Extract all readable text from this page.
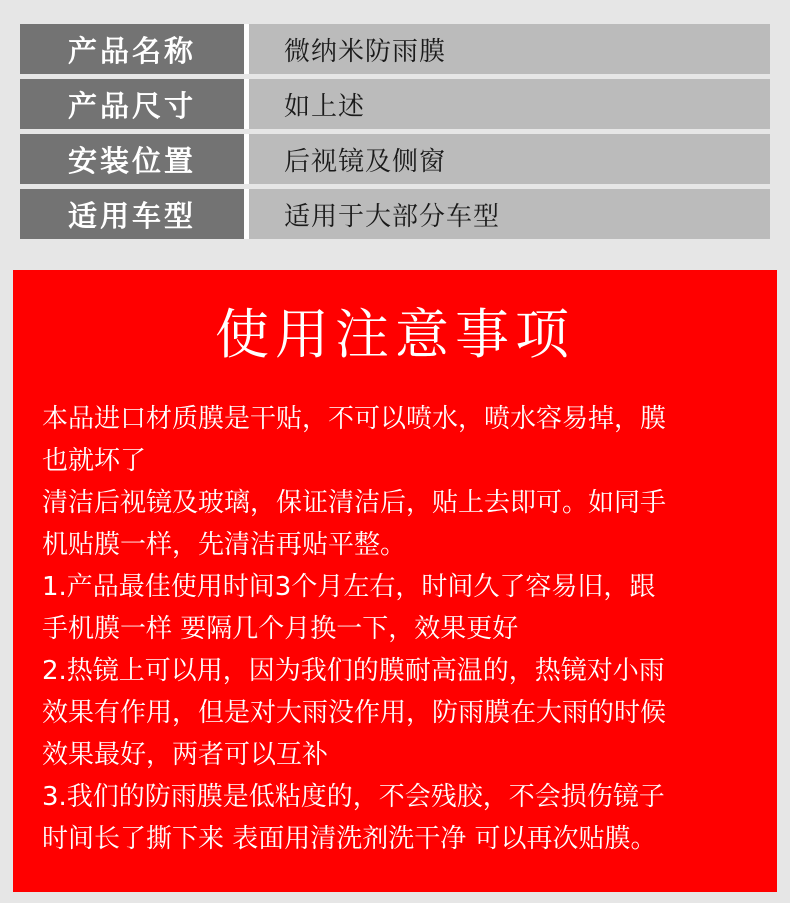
产品名称	微纳米防雨膜
产品尺寸	如上述
安装位置	后视镜及侧窗
适用车型	适用于大部分车型
使用注意事项
本品进口材质膜是干贴，不可以喷水，喷水容易掉，膜
也就坏了
清洁后视镜及玻璃，保证清洁后，贴上去即可。如同手
机贴膜一样，先清洁再贴平整。
1.产品最佳使用时间3个月左右，时间久了容易旧，跟
手机膜一样 要隔几个月换一下，效果更好
2.热镜上可以用，因为我们的膜耐高温的，热镜对小雨
效果有作用，但是对大雨没作用，防雨膜在大雨的时候
效果最好，两者可以互补
3.我们的防雨膜是低粘度的，不会残胶，不会损伤镜子
时间长了撕下来 表面用清洗剂洗干净 可以再次贴膜。
